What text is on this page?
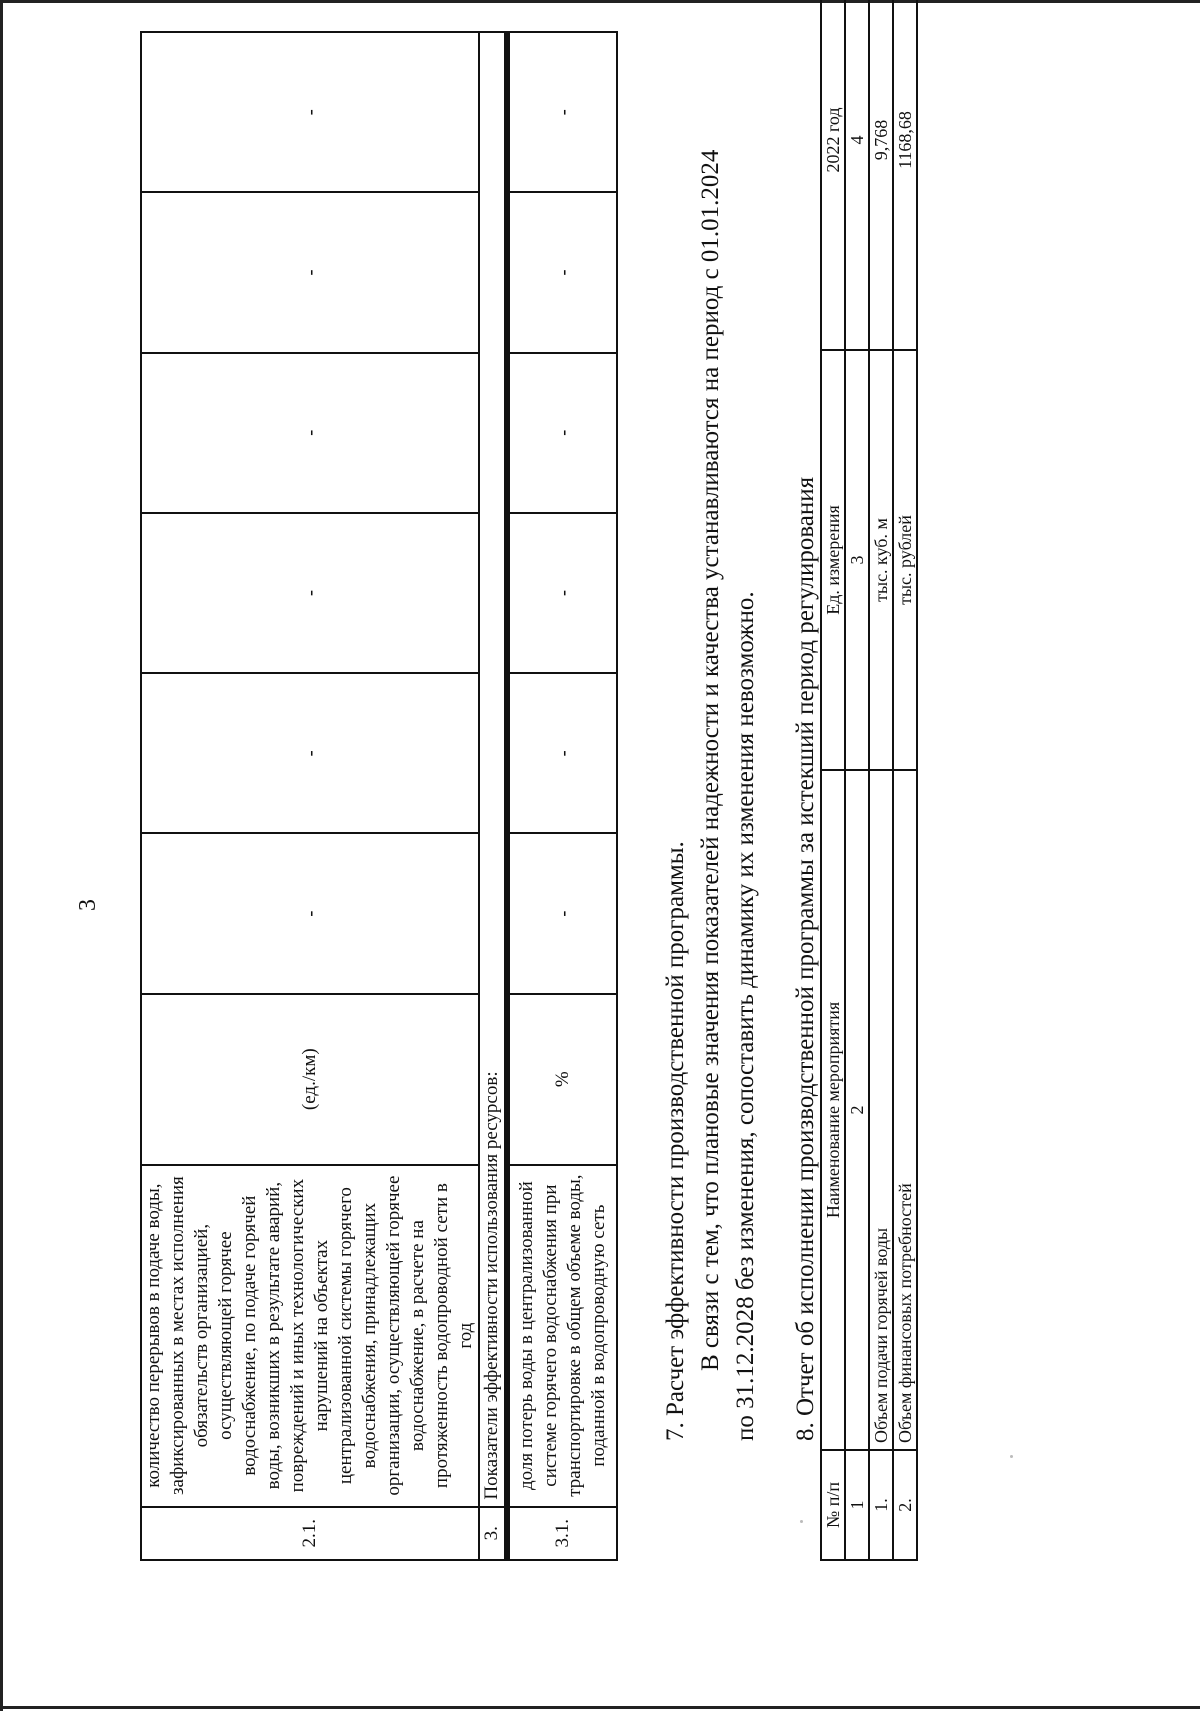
3
2.1.	количество перерывов в подаче воды, зафиксированных в местах исполнения обязательств организацией, осуществляющей горячее водоснабжение, по подаче горячей воды, возникших в результате аварий, повреждений и иных технологических нарушений на объектах централизованной системы горячего водоснабжения, принадлежащих организации, осуществляющей горячее водоснабжение, в расчете на протяженность водопроводной сети в год	(ед./км)	-	-	-	-	-	-
3.	Показатели эффективности использования ресурсов:							
3.1.	доля потерь воды в централизованной системе горячего водоснабжения при транспортировке в общем объеме воды, поданной в водопроводную сеть	%	-	-	-	-	-	-
7. Расчет эффективности производственной программы. В связи с тем, что плановые значения показателей надежности и качества устанавливаются на период с 01.01.2024 по 31.12.2028 без изменения, сопоставить динамику их изменения невозможно. 8. Отчет об исполнении производственной программы за истекший период регулирования
№ п/п	Наименование мероприятия	Ед. измерения	2022 год
1	2	3	4
1.	Объем подачи горячей воды	тыс. куб. м	9,768
2.	Объем финансовых потребностей	тыс. рублей	1168,68
